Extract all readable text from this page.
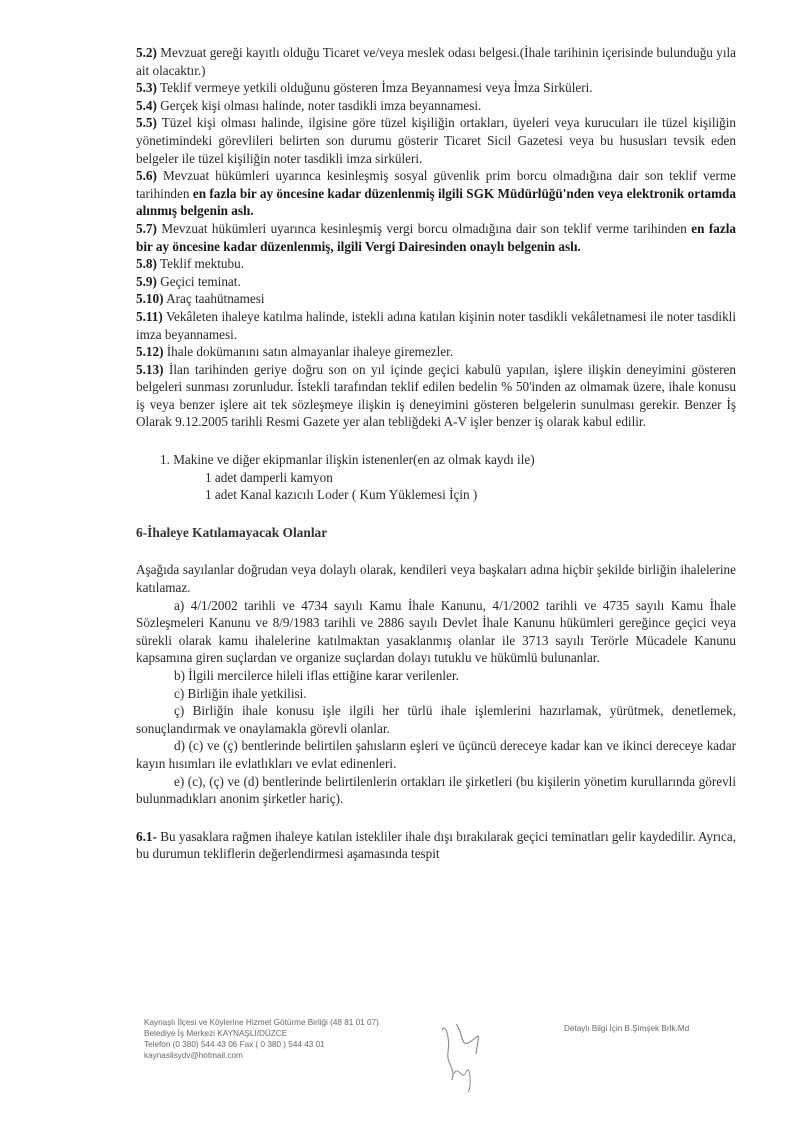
5.2) Mevzuat gereği kayıtlı olduğu Ticaret ve/veya meslek odası belgesi.(İhale tarihinin içerisinde bulunduğu yıla ait olacaktır.)

5.3) Teklif vermeye yetkili olduğunu gösteren İmza Beyannamesi veya İmza Sirküleri.

5.4) Gerçek kişi olması halinde, noter tasdikli imza beyannamesi.

5.5) Tüzel kişi olması halinde, ilgisine göre tüzel kişiliğin ortakları, üyeleri veya kurucuları ile tüzel kişiliğin yönetimindeki görevlileri belirten son durumu gösterir Ticaret Sicil Gazetesi veya bu hususları tevsik eden belgeler ile tüzel kişiliğin noter tasdikli imza sirküleri.

5.6) Mevzuat hükümleri uyarınca kesinleşmiş sosyal güvenlik prim borcu olmadığına dair son teklif verme tarihinden en fazla bir ay öncesine kadar düzenlenmiş ilgili SGK Müdürlüğü'nden veya elektronik ortamda alınmış belgenin aslı.

5.7) Mevzuat hükümleri uyarınca kesinleşmiş vergi borcu olmadığına dair son teklif verme tarihinden en fazla bir ay öncesine kadar düzenlenmiş, ilgili Vergi Dairesinden onaylı belgenin aslı.

5.8) Teklif mektubu.

5.9) Geçici teminat.

5.10) Araç taahütnamesi

5.11) Vekâleten ihaleye katılma halinde, istekli adına katılan kişinin noter tasdikli vekâletnamesi ile noter tasdikli imza beyannamesi.

5.12) İhale dokümanını satın almayanlar ihaleye giremezler.

5.13) İlan tarihinden geriye doğru son on yıl içinde geçici kabulü yapılan, işlere ilişkin deneyimini gösteren belgeleri sunması zorunludur. İstekli tarafından teklif edilen bedelin % 50'inden az olmamak üzere, ihale konusu iş veya benzer işlere ait tek sözleşmeye ilişkin iş deneyimini gösteren belgelerin sunulması gerekir. Benzer İş Olarak 9.12.2005 tarihli Resmi Gazete yer alan tebliğdeki A-V işler benzer iş olarak kabul edilir.

1. Makine ve diğer ekipmanlar ilişkin istenenler(en az olmak kaydı ile)

1 adet damperli kamyon

1 adet Kanal kazıcılı Loder ( Kum Yüklemesi İçin )

6-İhaleye Katılamayacak Olanlar

Aşağıda sayılanlar doğrudan veya dolaylı olarak, kendileri veya başkaları adına hiçbir şekilde birliğin ihalelerine katılamaz.

a) 4/1/2002 tarihli ve 4734 sayılı Kamu İhale Kanunu, 4/1/2002 tarihli ve 4735 sayılı Kamu İhale Sözleşmeleri Kanunu ve 8/9/1983 tarihli ve 2886 sayılı Devlet İhale Kanunu hükümleri gereğince geçici veya sürekli olarak kamu ihalelerine katılmaktan yasaklanmış olanlar ile 3713 sayılı Terörle Mücadele Kanunu kapsamına giren suçlardan ve organize suçlardan dolayı tutuklu ve hükümlü bulunanlar.

b) İlgili mercilerce hileli iflas ettiğine karar verilenler.

c) Birliğin ihale yetkilisi.

ç) Birliğin ihale konusu işle ilgili her türlü ihale işlemlerini hazırlamak, yürütmek, denetlemek, sonuçlandırmak ve onaylamakla görevli olanlar.

d) (c) ve (ç) bentlerinde belirtilen şahısların eşleri ve üçüncü dereceye kadar kan ve ikinci dereceye kadar kayın hısımları ile evlatlıkları ve evlat edinenleri.

e) (c), (ç) ve (d) bentlerinde belirtilenlerin ortakları ile şirketleri (bu kişilerin yönetim kurullarında görevli bulunmadıkları anonim şirketler hariç).

6.1- Bu yasaklara rağmen ihaleye katılan istekliler ihale dışı bırakılarak geçici teminatları gelir kaydedilir. Ayrıca, bu durumun tekliflerin değerlendirmesi aşamasında tespit

Kaynaşlı İlçesi ve Köylerine Hizmet Götürme Birliği (48 81 01 07)
Belediye İş Merkezi KAYNAŞLI/DÜZCE
Telefon (0 380) 544 43 06 Fax ( 0 380 ) 544 43 01
kaynaslisydv@hotmail.com
Detaylı Bilgi İçin B.Şimşek Brlk.Md
